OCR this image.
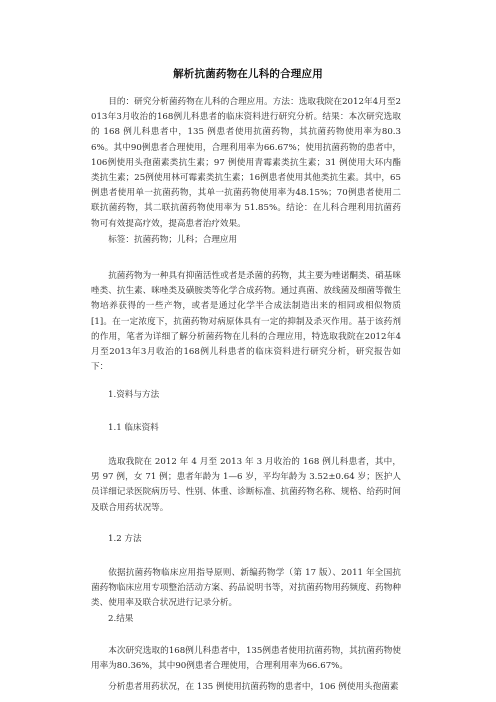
解析抗菌药物在儿科的合理应用

目的：研究分析菌药物在儿科的合理应用。方法：选取我院在2012年4月至2013年3月收治的168例儿科患者的临床资料进行研究分析。结果：本次研究选取的 168 例儿科患者中，135 例患者使用抗菌药物，其抗菌药物使用率为80.36%。其中90例患者合理使用，合理利用率为66.67%；使用抗菌药物的患者中，106例使用头孢菌素类抗生素；97 例使用青霉素类抗生素；31 例使用大环内酯类抗生素；25例使用林可霉素类抗生素；16例患者使用其他类抗生素。其中，65例患者使用单一抗菌药物，其单一抗菌药物使用率为48.15%；70例患者使用二联抗菌药物，其二联抗菌药物使用率为 51.85%。结论：在儿科合理利用抗菌药物可有效提高疗效，提高患者治疗效果。

标签：抗菌药物；儿科；合理应用

抗菌药物为一种具有抑菌活性或者是杀菌的药物，其主要为唑诺酮类、硝基咪唑类、抗生素、咪唑类及磺胺类等化学合成药物。通过真菌、放线菌及细菌等微生物培养获得的一些产物，或者是通过化学半合成法制造出来的相同或相似物质[1]。在一定浓度下，抗菌药物对病原体具有一定的抑制及杀灭作用。基于该药剂的作用，笔者为详细了解分析菌药物在儿科的合理应用，特选取我院在2012年4月至2013年3月收治的168例儿科患者的临床资料进行研究分析，研究报告如下：

1.资料与方法

1.1 临床资料

选取我院在 2012 年 4 月至 2013 年 3 月收治的 168 例儿科患者，其中，男 97 例，女 71 例；患者年龄为 1—6 岁，平均年龄为 3.52±0.64 岁；医护人员详细记录医院病历号、性别、体重、诊断标准、抗菌药物名称、规格、给药时间及联合用药状况等。

1.2 方法

依据抗菌药物临床应用指导原则、新编药物学（第 17 版）、2011 年全国抗菌药物临床应用专项整治活动方案、药品说明书等，对抗菌药物用药频度、药物种类、使用率及联合状况进行记录分析。

2.结果

本次研究选取的168例儿科患者中，135例患者使用抗菌药物，其抗菌药物使用率为80.36%，其中90例患者合理使用，合理利用率为66.67%。

分析患者用药状况，在 135 例使用抗菌药物的患者中，106 例使用头孢菌素
